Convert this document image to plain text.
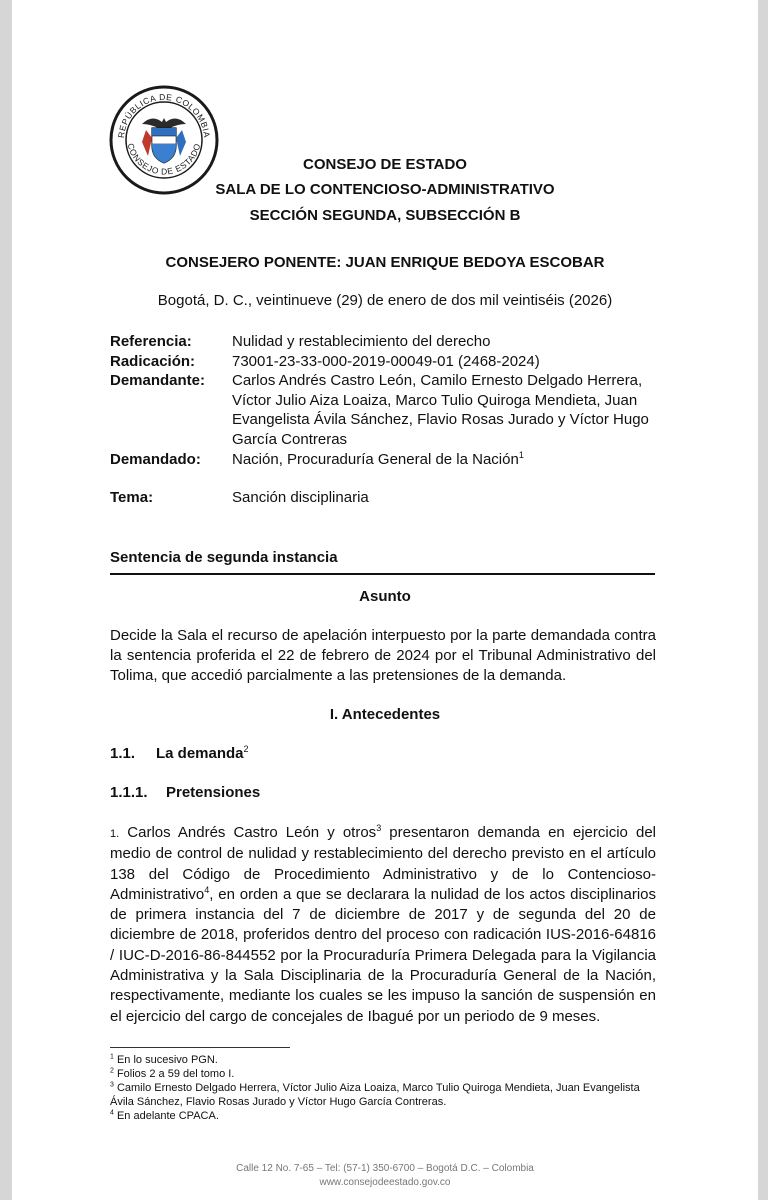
REPÚBLICA DE COLOMBIA
CONSEJO DE ESTADO
CONSEJO DE ESTADO
SALA DE LO CONTENCIOSO-ADMINISTRATIVO
SECCIÓN SEGUNDA, SUBSECCIÓN B
CONSEJERO PONENTE: JUAN ENRIQUE BEDOYA ESCOBAR
Bogotá, D. C., veintinueve (29) de enero de dos mil veintiséis (2026)
Referencia:	Nulidad y restablecimiento del derecho
Radicación:	73001-23-33-000-2019-00049-01 (2468-2024)
Demandante:	Carlos Andrés Castro León, Camilo Ernesto Delgado Herrera,
Víctor Julio Aiza Loaiza, Marco Tulio Quiroga Mendieta, Juan
Evangelista Ávila Sánchez, Flavio Rosas Jurado y Víctor Hugo
García Contreras
Demandado:	Nación, Procuraduría General de la Nación$^1$
Tema:	Sanción disciplinaria
Sentencia de segunda instancia
Asunto
Decide la Sala el recurso de apelación interpuesto por la parte demandada contra la sentencia proferida el 22 de febrero de 2024 por el Tribunal Administrativo del Tolima, que accedió parcialmente a las pretensiones de la demanda.
I. Antecedentes
1.1. La demanda$^2$
1.1.1. Pretensiones
1. Carlos Andrés Castro León y otros$^3$ presentaron demanda en ejercicio del medio de control de nulidad y restablecimiento del derecho previsto en el artículo 138 del Código de Procedimiento Administrativo y de lo Contencioso-Administrativo$^4$, en orden a que se declarara la nulidad de los actos disciplinarios de primera instancia del 7 de diciembre de 2017 y de segunda del 20 de diciembre de 2018, proferidos dentro del proceso con radicación IUS-2016-64816 / IUC-D-2016-86-844552 por la Procuraduría Primera Delegada para la Vigilancia Administrativa y la Sala Disciplinaria de la Procuraduría General de la Nación, respectivamente, mediante los cuales se les impuso la sanción de suspensión en el ejercicio del cargo de concejales de Ibagué por un periodo de 9 meses.

$^1$ En lo sucesivo PGN.

$^2$ Folios 2 a 59 del tomo I.

$^3$ Camilo Ernesto Delgado Herrera, Víctor Julio Aiza Loaiza, Marco Tulio Quiroga Mendieta, Juan Evangelista Ávila Sánchez, Flavio Rosas Jurado y Víctor Hugo García Contreras.

$^4$ En adelante CPACA.

Calle 12 No. 7-65 – Tel: (57-1) 350-6700 – Bogotá D.C. – Colombia
www.consejodeestado.gov.co
